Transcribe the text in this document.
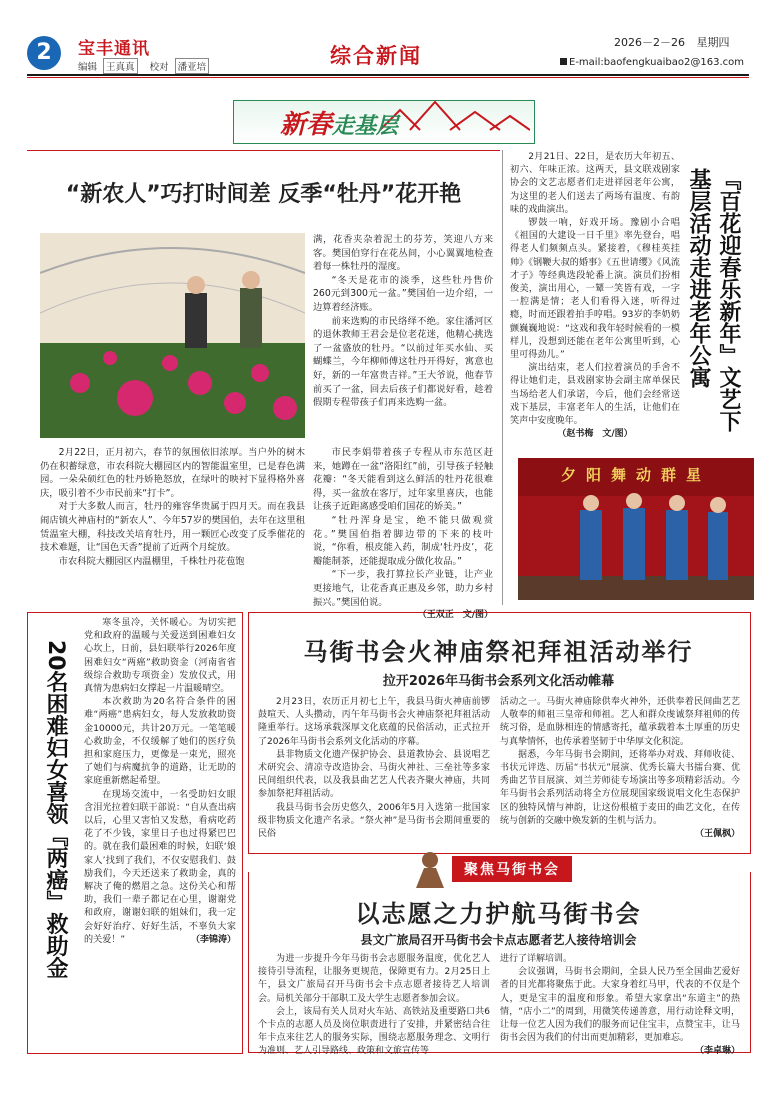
2	宝丰通讯
编辑 王真真 校对 潘亚培	综合新闻
2026－2－26 星期四
E-mail:baofengkuaibao2@163.com
新春走基层
“新农人”巧打时间差 反季“牡丹”花开艳

2月22日，正月初六，春节的氛围依旧浓厚。当户外的树木仍在积蓄绿意，市农科院大棚园区内的智能温室里，已是春色满园。一朵朵硕红色的牡丹娇艳怒放，在绿叶的映衬下显得格外喜庆，吸引着不少市民前来“打卡”。

对于大多数人而言，牡丹的雍容华贵属于四月天。而在我县闹店镇火神庙村的“新农人”、今年57岁的樊国伯，去年在这里租赁温室大棚，科技改关培育牡丹，用一颗匠心改变了反季催花的技术难题，让“国色天香”提前了近两个月绽放。

市农科院大棚园区内温棚里，千株牡丹花苞饱

满，花香夹杂着泥土的芬芳，笑迎八方来客。樊国伯穿行在花丛间，小心翼翼地检查着每一株牡丹的湿度。

“冬天是花市的淡季，这些牡丹售价260元到300元一盆。”樊国伯一边介绍，一边算着经济账。

前来选购的市民络绎不绝。家住潘河区的退休教师王君会是位老花迷，他精心挑选了一盆盛放的牡丹。“以前过年买水仙、买蝴蝶兰，今年柳师傅这牡丹开得好，寓意也好，新的一年富贵吉祥。”王大爷说，他春节前买了一盆，回去后孩子们都说好看，趁着假期专程带孩子们再来选购一盆。

市民李娟带着孩子专程从市东范区赶来，她蹲在一盆“洛阳红”前，引导孩子轻触花瓣：“冬天能看到这么鲜活的牡丹花很难得，买一盆放在客厅，过年家里喜庆，也能让孩子近距离感受咱们国花的娇美。”

“牡丹浑身是宝，绝不能只做观赏花。”樊国伯指着脚边带的下来的枝叶说，“你看，根皮能入药，制成‘牡丹皮’，花瓣能制茶，还能提取成分做化妆品。”

“下一步，我打算拉长产业链，让产业更接地气，让花香真正惠及乡邻，助力乡村振兴。”樊国伯说。

（王双正　文/图）

2月21日、22日，是农历大年初五、初六、年味正浓。这两天，县文联戏剧家协会的文艺志愿者们走进祥园老年公寓，为这里的老人们送去了两场有温度、有韵味的戏曲演出。

锣鼓一响，好戏开场。豫剧小合唱《祖国的大建设一日千里》率先登台，唱得老人们频频点头。紧接着，《穆桂英挂帅》《钢鞭大叔的婚事》《五世请缨》《风流才子》等经典选段轮番上演。演员们扮相俊美，演出用心，一颦一笑皆有戏，一字一腔满是情；老人们看得入迷，听得过瘾，时而还跟着拍手哼唱。93岁的李奶奶颤巍巍地说：“这戏和我年轻时候看的一模样儿，没想到还能在老年公寓里听到，心里可得劲儿。”

演出结束，老人们拉着演员的手舍不得让她们走，县戏剧家协会副主席单保民当场给老人们承诺，今后，他们会经常送戏下基层，丰富老年人的生活，让他们在笑声中安度晚年。

（赵书梅　文/图）
『百花迎春乐新年』文艺下基层活动走进老年公寓
夕阳舞动群星
20名困难妇女喜领『两癌』救助金

寒冬虽冷，关怀暖心。为切实把党和政府的温暖与关爱送到困难妇女心坎上，日前，县妇联举行2026年度困难妇女“两癌”救助资金（河南省省级综合救助专项资金）发放仪式，用真情为患病妇女撑起一片温暖晴空。

本次救助为20名符合条件的困难“两癌”患病妇女，每人发放救助资金10000元，共计20万元。一笔笔暖心救助金，不仅缓解了她们的医疗负担和家庭压力，更像是一束光，照亮了她们与病魔抗争的道路，让无助的家庭重新燃起希望。

在现场交流中，一名受助妇女眼含泪光拉着妇联干部说：“自从查出病以后，心里又害怕又发愁，看病吃药花了不少钱，家里日子也过得紧巴巴的。就在我们最困难的时候，妇联‘娘家人’找到了我们，不仅安慰我们、鼓励我们，今天还送来了救助金，真的解决了俺的燃眉之急。这份关心和帮助，我们一辈子都记在心里，谢谢党和政府，谢谢妇联的姐妹们，我一定会好好治疗、好好生活，不辜负大家的关爱！”	（李锦涛）
马街书会火神庙祭祀拜祖活动举行
拉开2026年马街书会系列文化活动帷幕

2月23日，农历正月初七上午，我县马街火神庙前锣鼓喧天、人头攒动，丙午年马街书会火神庙祭祀拜祖活动隆重举行。这场承载深厚文化底蕴的民俗活动，正式拉开了2026年马街书会系列文化活动的序幕。

县非物质文化遗产保护协会、县道教协会、县说唱艺术研究会、清凉寺改造协会、马街火神社、三垒社等多家民间组织代表，以及我县曲艺艺人代表齐聚火神庙，共同参加祭祀拜祖活动。

我县马街书会历史悠久，2006年5月入选第一批国家级非物质文化遗产名录。“祭火神”是马街书会期间重要的民俗

活动之一。马街火神庙除供奉火神外，还供奉着民间曲艺艺人敬奉的师祖三皇帝和师祖。艺人和群众虔诚祭拜祖师的传统习俗，是血脉相连的情感寄托，蕴承载着本土厚重的历史与真挚情怀，也传承着坚韧于中华厚文化积淀。

据悉，今年马街书会期间，还将举办对戏、拜师收徒、书状元评选、历届“书状元”展演、优秀长篇大书擂台赛、优秀曲艺节目展演、刘兰芳师徒专场演出等多项精彩活动。今年马街书会系列活动将全方位展现国家级说唱文化生态保护区的独特风情与神韵，让这份根植于麦田的曲艺文化，在传统与创新的交融中焕发新的生机与活力。

（王佩枫）
聚焦马街书会
以志愿之力护航马街书会
县文广旅局召开马街书会卡点志愿者艺人接待培训会

为进一步提升今年马街书会志愿服务温度，优化艺人接待引导流程，让服务更规范，保障更有力。2月25日上午，县文广旅局召开马街书会卡点志愿者接待艺人培训会。局机关部分干部职工及大学生志愿者参加会议。

会上，该局有关人员对火车站、高铁站及重要路口共6个卡点的志愿人员及岗位职责进行了安排，并紧密结合往年卡点来往艺人的服务实际，围绕志愿服务理念、文明行为准则、艺人引导路线、政策和文旅宣传等

进行了详解培训。

会议强调，马街书会期间，全县人民乃至全国曲艺爱好者的目光都将聚焦于此。大家身着红马甲，代表的不仅是个人，更是宝丰的温度和形象。希望大家拿出“东道主”的热情，“店小二”的周到，用微笑传递善意，用行动诠释文明，让每一位艺人因为我们的服务而记住宝丰，点赞宝丰，让马街书会因为我们的付出而更加精彩，更加难忘。

（李卓琳）
